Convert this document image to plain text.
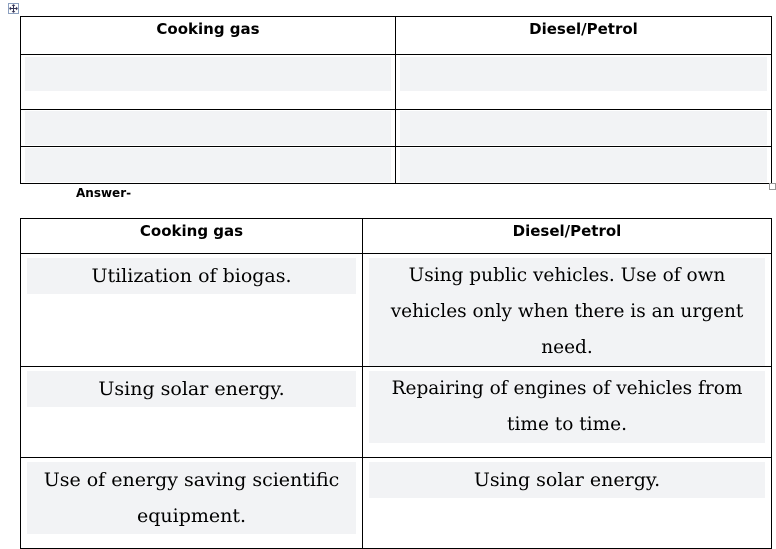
Cooking gas	Diesel/Petrol

Answer-
Cooking gas	Diesel/Petrol

Utilization of biogas.	Using public vehicles. Use of own vehicles only when there is an urgent need.

Using solar energy.	Repairing of engines of vehicles from time to time.

Use of energy saving scientific equipment.	Using solar energy.
